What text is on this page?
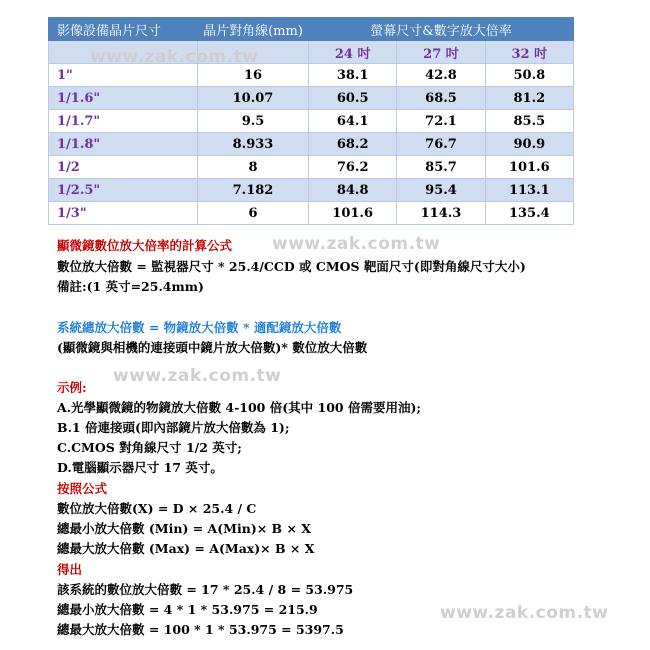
影像設備晶片尺寸	晶片對角線(mm)	螢幕尺寸&數字放大倍率		
		24 吋	27 吋	32 吋
1"	16	38.1	42.8	50.8
1/1.6"	10.07	60.5	68.5	81.2
1/1.7"	9.5	64.1	72.1	85.5
1/1.8"	8.933	68.2	76.7	90.9
1/2	8	76.2	85.7	101.6
1/2.5"	7.182	84.8	95.4	113.1
1/3"	6	101.6	114.3	135.4
www.zak.com.tw
www.zak.com.tw
www.zak.com.tw
www.zak.com.tw
顯微鏡數位放大倍率的計算公式
數位放大倍數 = 監視器尺寸 * 25.4/CCD 或 CMOS 靶面尺寸(即對角線尺寸大小)
備註:(1 英寸=25.4mm)
系統總放大倍數 = 物鏡放大倍數 * 適配鏡放大倍數
(顯微鏡與相機的連接頭中鏡片放大倍數)* 數位放大倍數
示例:
A.光學顯微鏡的物鏡放大倍數 4-100 倍(其中 100 倍需要用油);
B.1 倍連接頭(即內部鏡片放大倍數為 1);
C.CMOS 對角線尺寸 1/2 英寸;
D.電腦顯示器尺寸 17 英寸。
按照公式
數位放大倍數(X) = D × 25.4 / C
總最小放大倍數 (Min) = A(Min)× B × X
總最大放大倍數 (Max) = A(Max)× B × X
得出
該系統的數位放大倍數 = 17 * 25.4 / 8 = 53.975
總最小放大倍數 = 4 * 1 * 53.975 = 215.9
總最大放大倍數 = 100 * 1 * 53.975 = 5397.5
